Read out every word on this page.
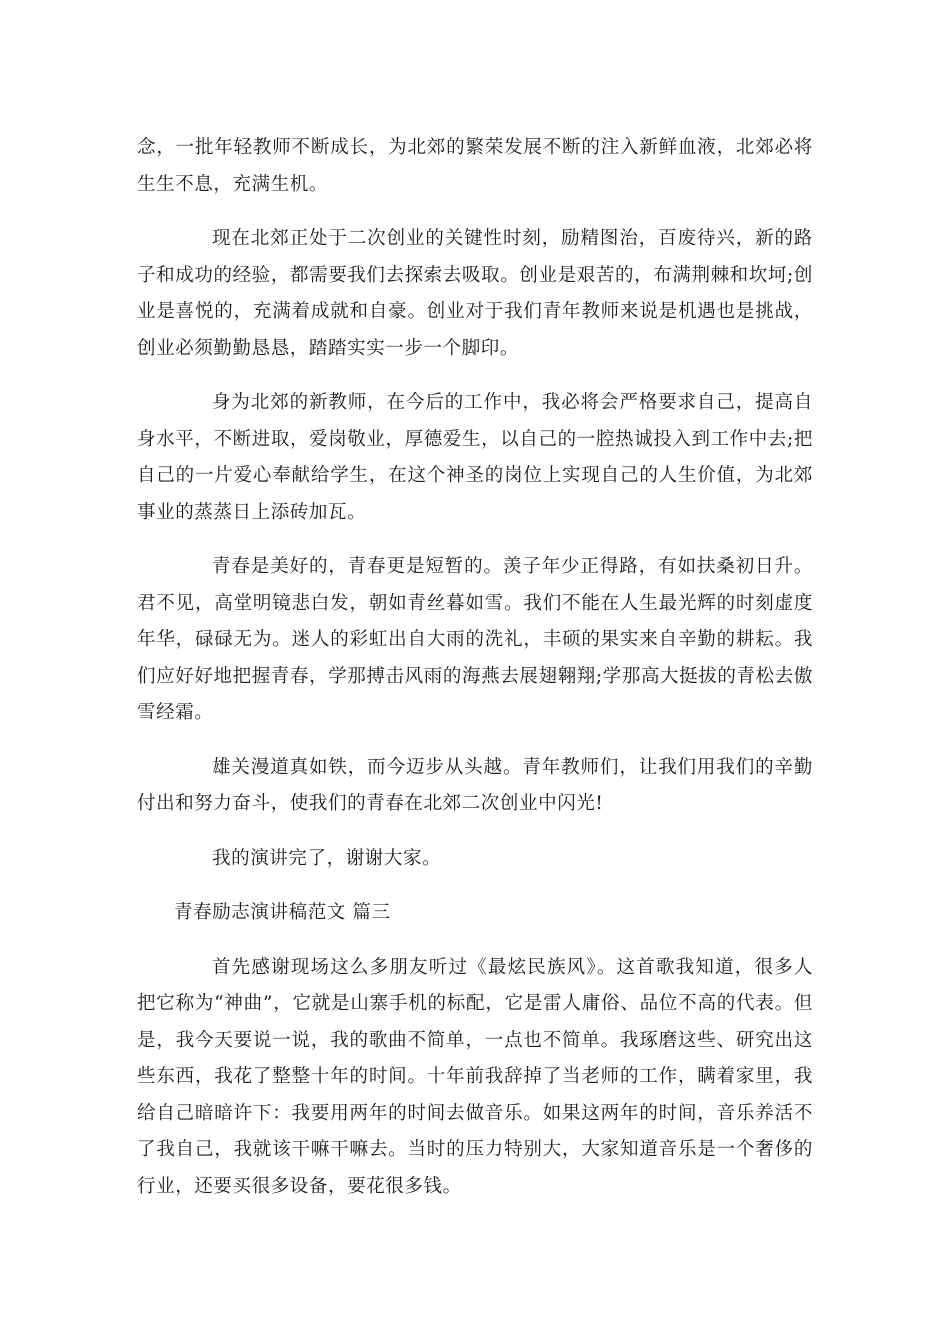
念，一批年轻教师不断成长，为北郊的繁荣发展不断的注入新鲜血液，北郊必将生生不息，充满生机。

现在北郊正处于二次创业的关键性时刻，励精图治，百废待兴，新的路子和成功的经验，都需要我们去探索去吸取。创业是艰苦的，布满荆棘和坎坷;创业是喜悦的，充满着成就和自豪。创业对于我们青年教师来说是机遇也是挑战，创业必须勤勤恳恳，踏踏实实一步一个脚印。

身为北郊的新教师，在今后的工作中，我必将会严格要求自己，提高自身水平，不断进取，爱岗敬业，厚德爱生，以自己的一腔热诚投入到工作中去;把自己的一片爱心奉献给学生，在这个神圣的岗位上实现自己的人生价值，为北郊事业的蒸蒸日上添砖加瓦。

青春是美好的，青春更是短暂的。羡子年少正得路，有如扶桑初日升。君不见，高堂明镜悲白发，朝如青丝暮如雪。我们不能在人生最光辉的时刻虚度年华，碌碌无为。迷人的彩虹出自大雨的洗礼，丰硕的果实来自辛勤的耕耘。我们应好好地把握青春，学那搏击风雨的海燕去展翅翱翔;学那高大挺拔的青松去傲雪经霜。

雄关漫道真如铁，而今迈步从头越。青年教师们，让我们用我们的辛勤付出和努力奋斗，使我们的青春在北郊二次创业中闪光!

我的演讲完了，谢谢大家。

青春励志演讲稿范文 篇三

首先感谢现场这么多朋友听过《最炫民族风》。这首歌我知道，很多人把它称为“神曲”，它就是山寨手机的标配，它是雷人庸俗、品位不高的代表。但是，我今天要说一说，我的歌曲不简单，一点也不简单。我琢磨这些、研究出这些东西，我花了整整十年的时间。十年前我辞掉了当老师的工作，瞒着家里，我给自己暗暗许下：我要用两年的时间去做音乐。如果这两年的时间，音乐养活不了我自己，我就该干嘛干嘛去。当时的压力特别大，大家知道音乐是一个奢侈的行业，还要买很多设备，要花很多钱。
